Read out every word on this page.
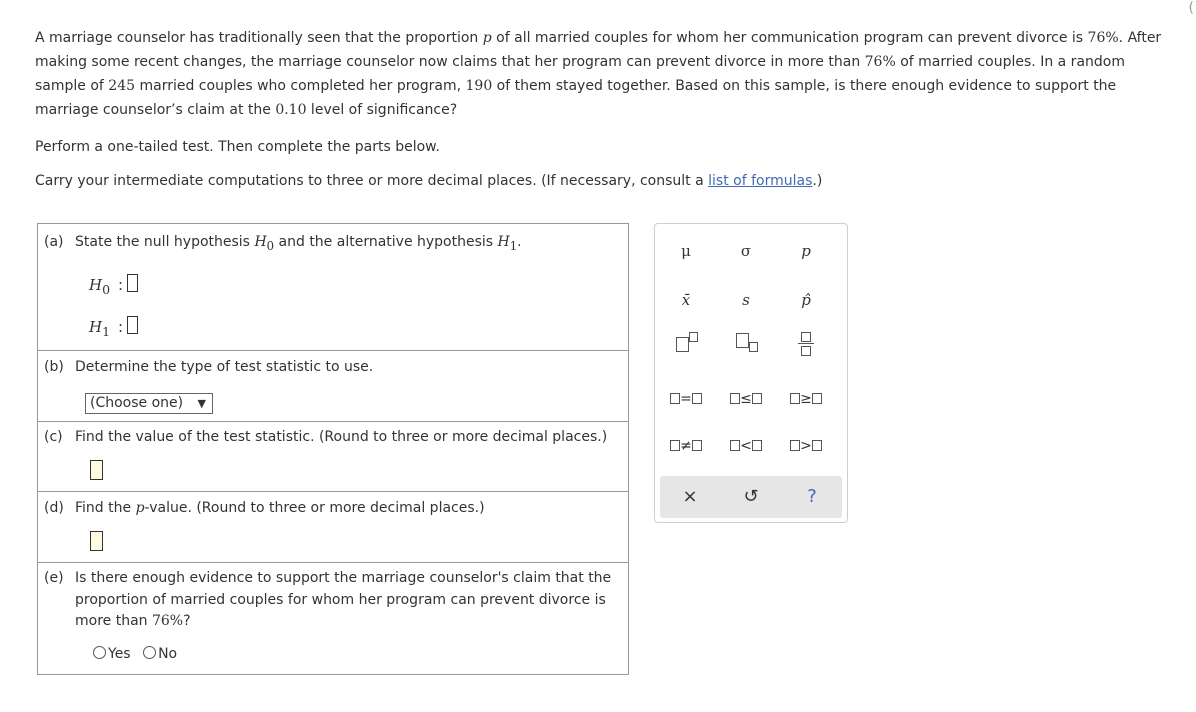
(

A marriage counselor has traditionally seen that the proportion p of all married couples for whom her communication program can prevent divorce is 76%. After making some recent changes, the marriage counselor now claims that her program can prevent divorce in more than 76% of married couples. In a random sample of 245 married couples who completed her program, 190 of them stayed together. Based on this sample, is there enough evidence to support the marriage counselor’s claim at the 0.10 level of significance?

Perform a one-tailed test. Then complete the parts below.

Carry your intermediate computations to three or more decimal places. (If necessary, consult a list of formulas.)

(a) State the null hypothesis $H_0$ and the alternative hypothesis $H_1$.
$H_0$ :
$H_1$ :
(b) Determine the type of test statistic to use.
(Choose one) ▼
(c) Find the value of the test statistic. (Round to three or more decimal places.)
(d) Find the p-value. (Round to three or more decimal places.)
(e) Is there enough evidence to support the marriage counselor's claim that the proportion of married couples for whom her program can prevent divorce is more than 76%?
Yes No
μ	σ	p
x̄	s	p̂
=	≤	≥
≠	<	>
×	↺	?
